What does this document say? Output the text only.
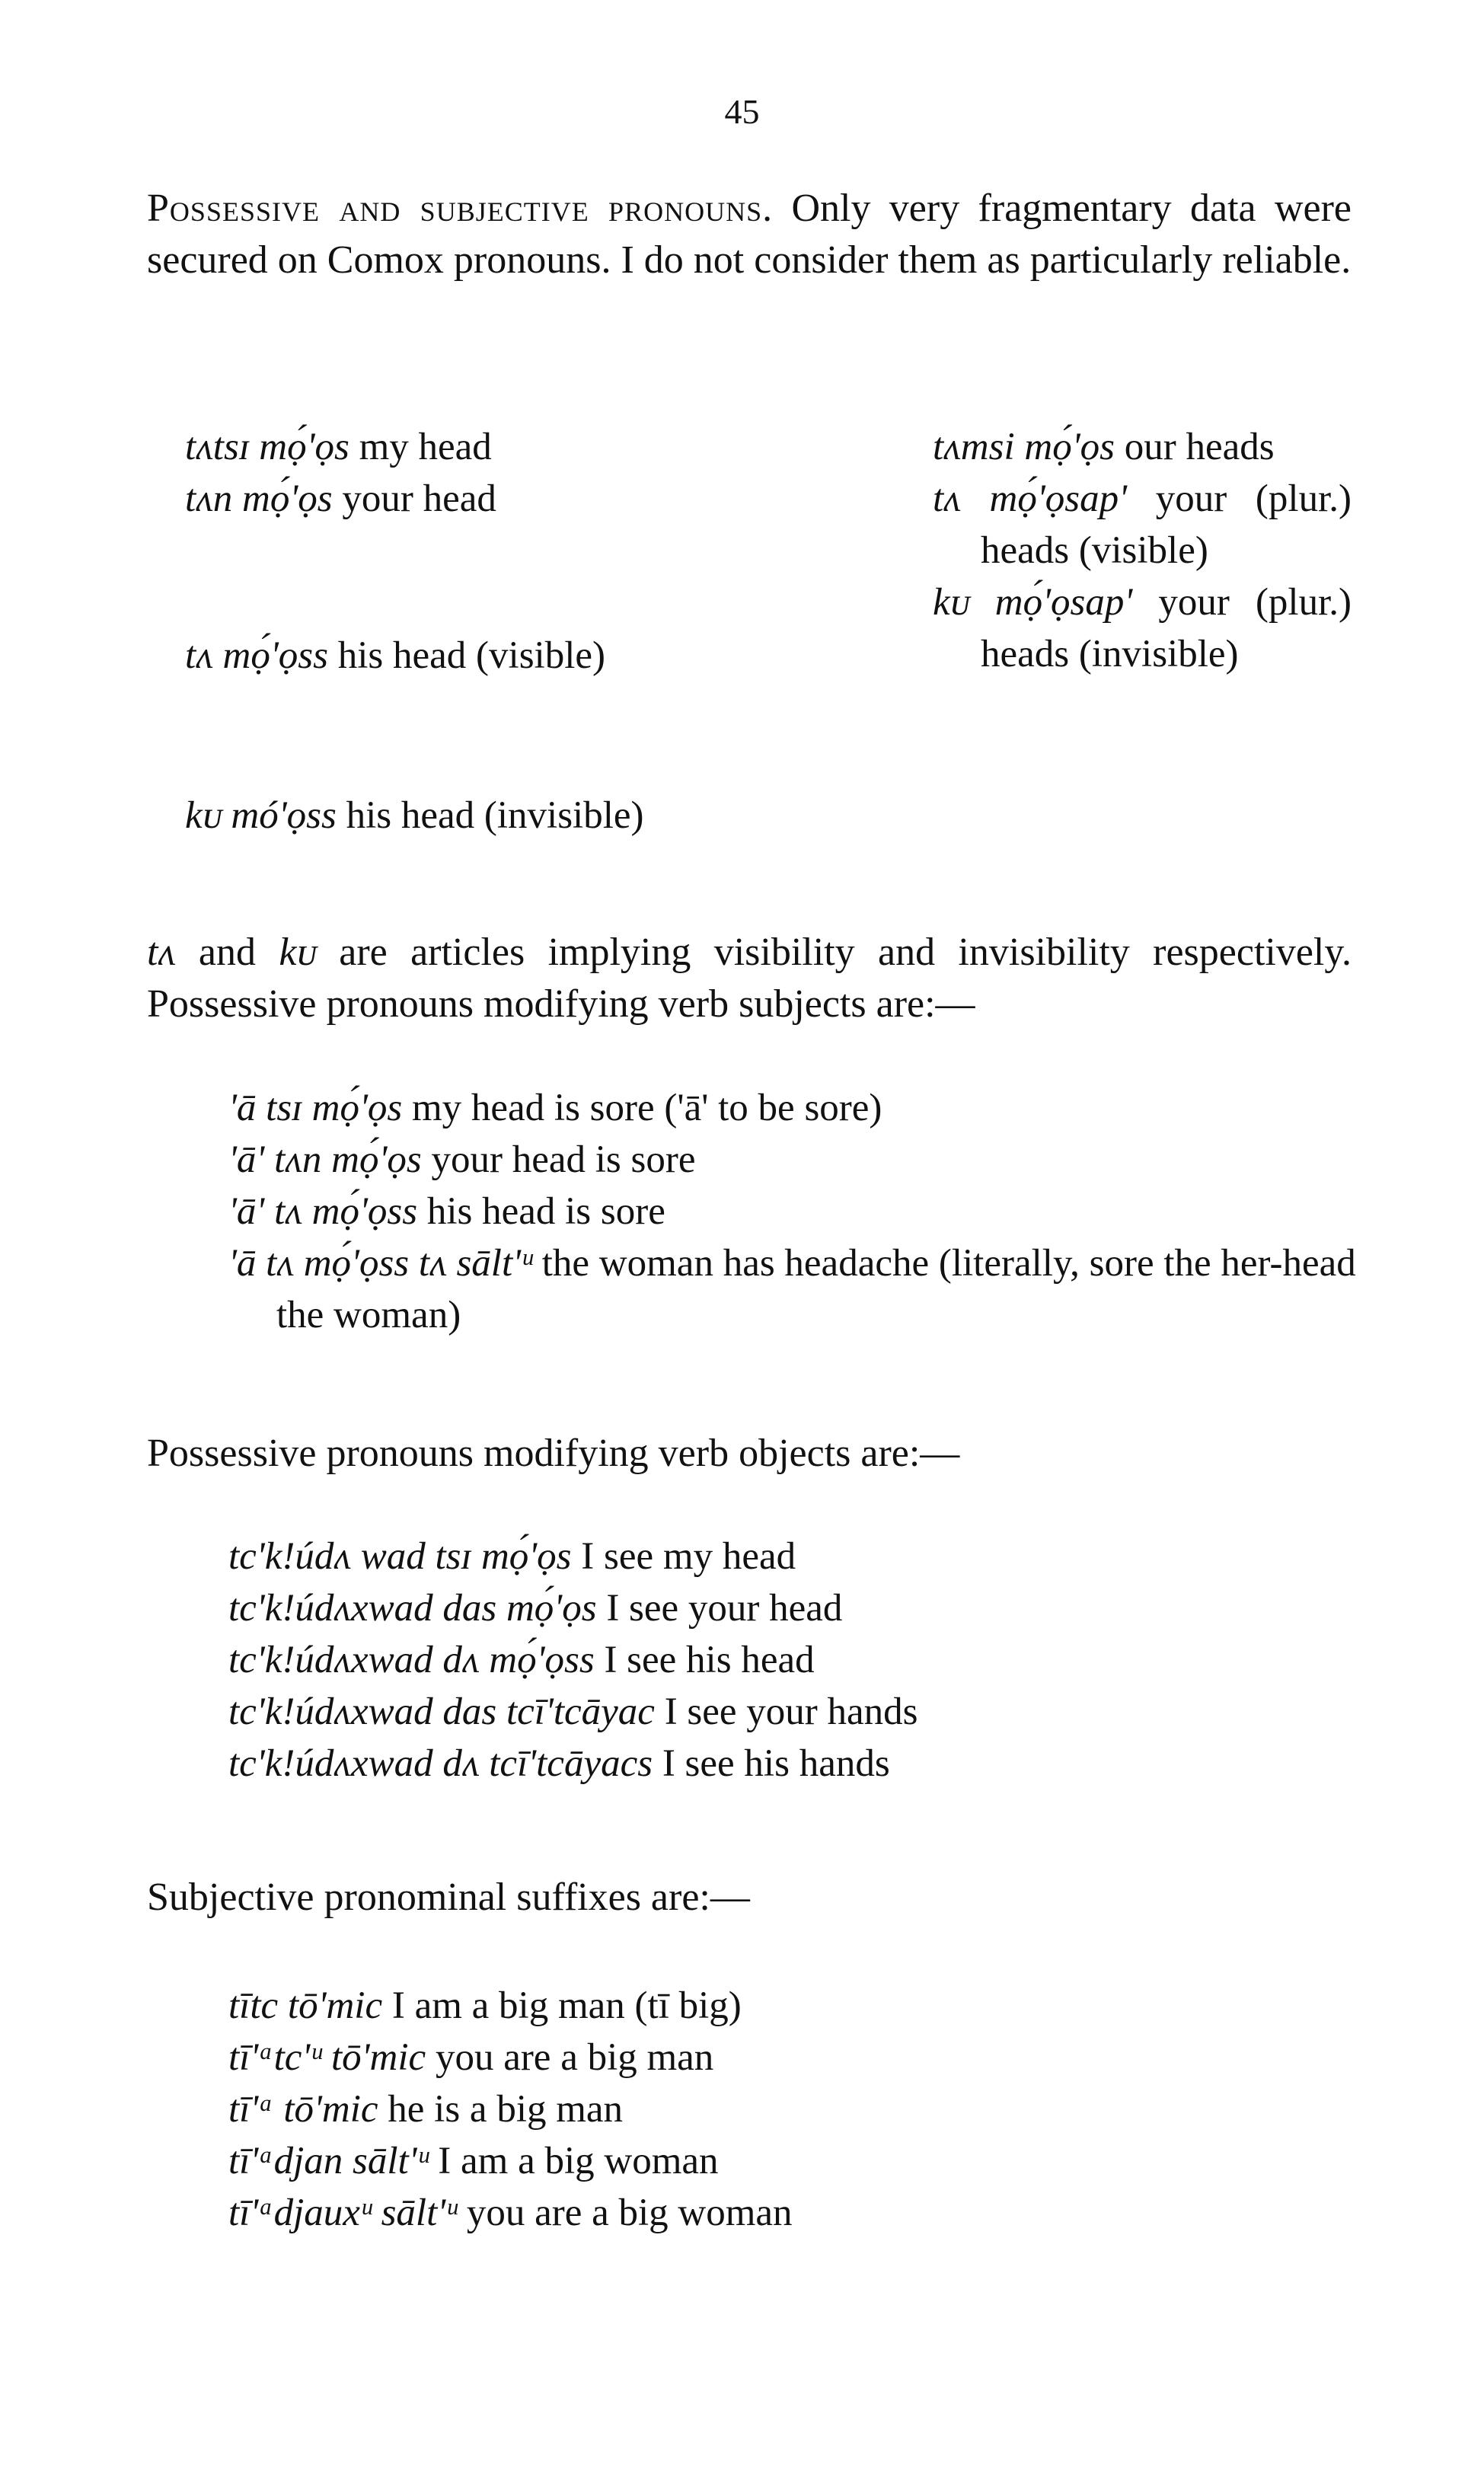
45
Possessive and subjective pronouns. Only very fragmentary data were secured on Comox pronouns. I do not consider them as particularly reliable.
tʌtsɪ mọ́'ọs my head
tʌn mọ́'ọs your head
tʌ mọ́'ọss his head (visible)
kᴜ mó'ọss his head (invisible)
tʌmsi mọ́'ọs our heads
tʌ mọ́'ọsap' your (plur.) heads (visible)
kᴜ mọ́'ọsap' your (plur.) heads (invisible)
tʌ and kᴜ are articles implying visibility and invisibility respectively. Possessive pronouns modifying verb subjects are:—
'ā tsɪ mọ́'ọs my head is sore ('ā' to be sore)
'ā' tʌn mọ́'ọs your head is sore
'ā' tʌ mọ́'ọss his head is sore
'ā tʌ mọ́'ọss tʌ sālt'ᵘ the woman has headache (literally, sore the her-head the woman)
Possessive pronouns modifying verb objects are:—
tc'k!údʌ wad tsɪ mọ́'ọs I see my head
tc'k!údʌxwad das mọ́'ọs I see your head
tc'k!údʌxwad dʌ mọ́'ọss I see his head
tc'k!údʌxwad das tcī'tcāyac I see your hands
tc'k!údʌxwad dʌ tcī'tcāyacs I see his hands
Subjective pronominal suffixes are:—
tītc tō'mic I am a big man (tī big)
tī'ᵃtc'ᵘ tō'mic you are a big man
tī'ᵃ tō'mic he is a big man
tī'ᵃdjan sālt'ᵘ I am a big woman
tī'ᵃdjauxᵘ sālt'ᵘ you are a big woman
